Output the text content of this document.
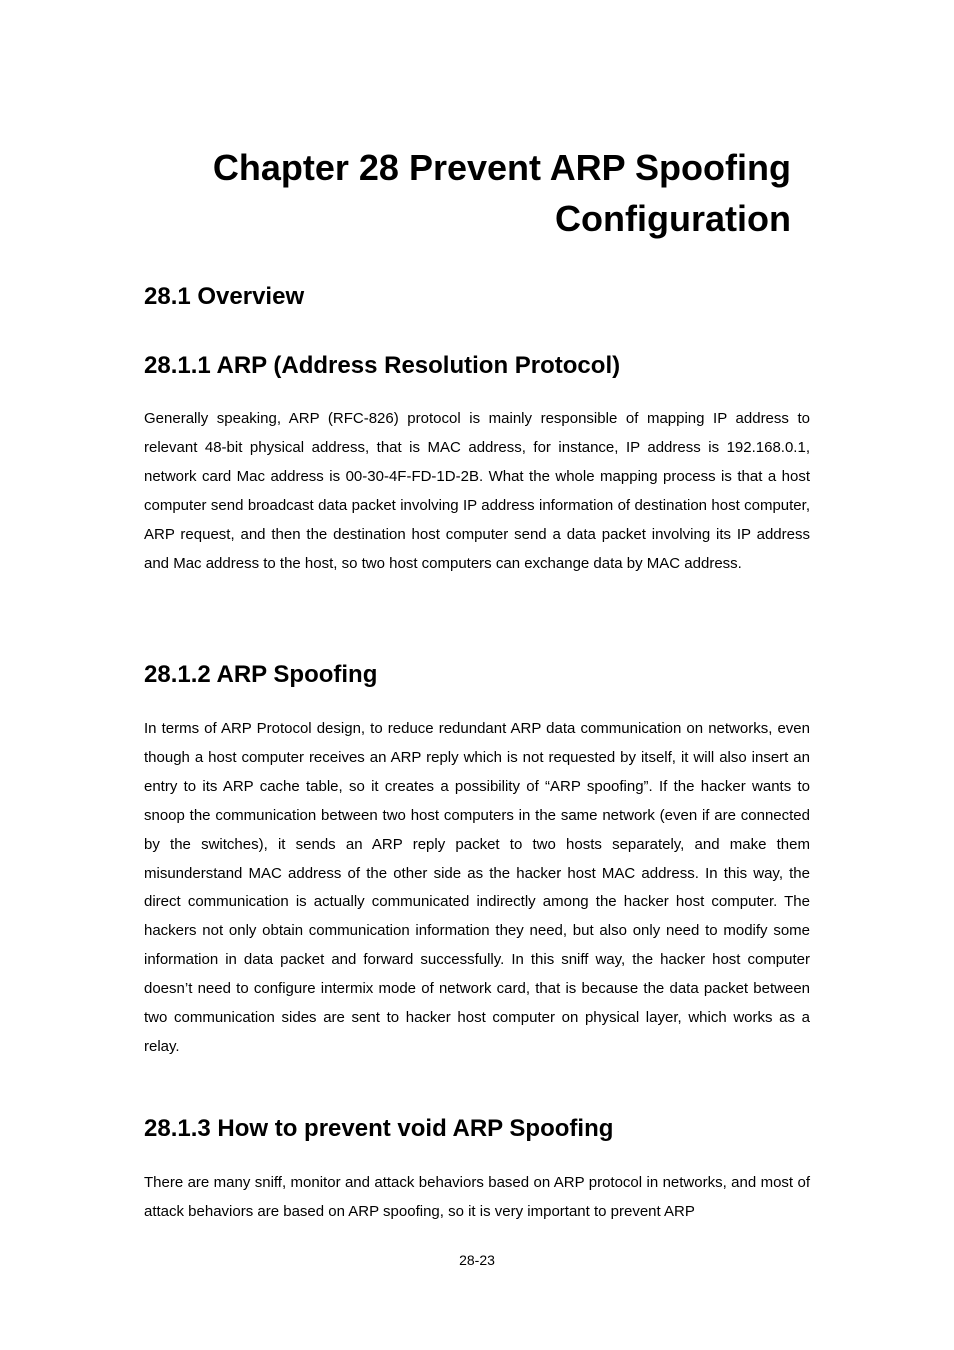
Chapter 28 Prevent ARP Spoofing
Configuration
28.1 Overview
28.1.1 ARP (Address Resolution Protocol)

Generally speaking, ARP (RFC-826) protocol is mainly responsible of mapping IP address to relevant 48-bit physical address, that is MAC address, for instance, IP address is 192.168.0.1, network card Mac address is 00-30-4F-FD-1D-2B. What the whole mapping process is that a host computer send broadcast data packet involving IP address information of destination host computer, ARP request, and then the destination host computer send a data packet involving its IP address and Mac address to the host, so two host computers can exchange data by MAC address.

28.1.2 ARP Spoofing

In terms of ARP Protocol design, to reduce redundant ARP data communication on networks, even though a host computer receives an ARP reply which is not requested by itself, it will also insert an entry to its ARP cache table, so it creates a possibility of “ARP spoofing”. If the hacker wants to snoop the communication between two host computers in the same network (even if are connected by the switches), it sends an ARP reply packet to two hosts separately, and make them misunderstand MAC address of the other side as the hacker host MAC address. In this way, the direct communication is actually communicated indirectly among the hacker host computer. The hackers not only obtain communication information they need, but also only need to modify some information in data packet and forward successfully. In this sniff way, the hacker host computer doesn’t need to configure intermix mode of network card, that is because the data packet between two communication sides are sent to hacker host computer on physical layer, which works as a relay.

28.1.3 How to prevent void ARP Spoofing

There are many sniff, monitor and attack behaviors based on ARP protocol in networks, and most of attack behaviors are based on ARP spoofing, so it is very important to prevent ARP

28-23
